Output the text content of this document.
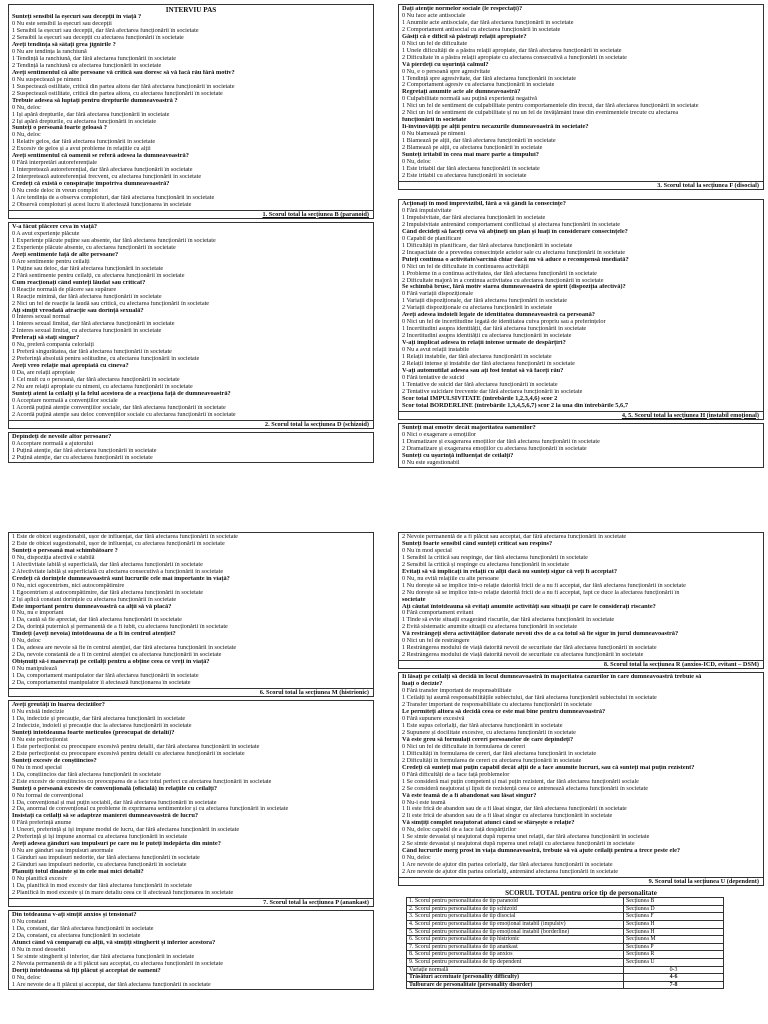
INTERVIU PAS
Sunteți sensibil la eșecuri sau decepții în viață ?
0 Nu este sensibil la eșecuri sau decepții
1 Sensibil la eșecuri sau decepții, dar fără afectarea funcționării în societate
2 Sensibil la eșecuri sau decepții cu afectarea funcționării în societate
Aveți tendința să sâtați grea jignirile ?
0 Nu are tendința la ranchiună
1 Tendință la ranchiună, dar fără afectarea funcționării în societate
2 Tendință la ranchiună cu afectarea funcționării în societate
Aveți sentimentul că alte persoane vă critică sau doresc să vă facă rău fără motiv?
0 Nu suspectează pe nimeni
1 Suspectează ostilitate, critică din partea altora dar fără afectarea funcționării în societate
2 Suspectează ostilitate, critică din partea altora, cu afectarea funcționării în societate
Trebuie adesea să luptați pentru drepturile dumneavoastră ?
0 Nu, deloc
1 Își apără drepturile, dar fără afectarea funcționării în societate
2 Își apără drepturile, cu afectarea funcționării în societate
Sunteți o persoană foarte geloasă ?
0 Nu, deloc
1 Relativ gelos, dar fără afectarea funcționării în societate
2 Excesiv de gelos și a avut probleme în relațiile cu alții
Aveți sentimentul că oamenii se referă adesea la dumneavoastră?
0 Fără interpretări autoreferențiale
1 Interpretează autoreferențial, dar fără afectarea funcționării în societate
2 Interpretează autoreferențial frecvent, cu afectarea funcționării în societate
Credeți că există o conspirație împotriva dumneavoastră?
0 Nu crede deloc în vreun complot
1 Are tendința de a observa comploturi, dar fără afectarea funcționării în societate
2 Observă comploturi și acest lucru îi afectează funcționarea în societate
1. Scorul total la secțiunea B (paranoid)
V-a făcut plăcere ceva în viață?
0 A avut experiențe plăcute
1 Experiențe plăcute puține sau absente, dar fără afectarea funcționării în societate
2 Experiențe plăcute absente, cu afectarea funcționării în societate
Aveți sentimente față de alte persoane?
0 Are sentimente pentru ceilalți
1 Puține sau deloc, dar fără afectarea funcționării în societate
2 Fără sentimente pentru ceilalți, cu afectarea funcționării în societate
Cum reacționați când sunteți lăudat sau criticat?
0 Reacție normală de plăcere sau supărare
1 Reacție minimă, dar fără afectarea funcționării în societate
2 Nici un fel de reacție la laudă sau critică, cu afectarea funcționării în societate
Ați simțit vreodată atracție sau dorință sexuală?
0 Interes sexual normal
1 Interes sexual limitat, dar fără afectarea funcționării în societate
2 Interes sexual limitat, cu afectarea funcționării în societate
Preferați să stați singur?
0 Nu, preferă compania celorlalți
1 Preferă singurătatea, dar fără afectarea funcționării în societate
2 Preferință absolută pentru solitudine, cu afectarea funcționării în societate
Aveți vreo relație mai apropiată cu cineva?
0 Da, are relații apropiate
1 Cel mult cu o persoană, dar fără afectarea funcționării în societate
2 Nu are relații apropiate cu nimeni, cu afectarea funcționării în societate
Sunteți atent la ceilalți și la felul acestora de a reacționa față de dumneavoastră?
0 Acceptare normală a convențiilor sociale
1 Acordă puțină atenție convențiilor sociale, dar fără afectarea funcționării în societate
2 Acordă puțină atenție sau deloc convențiilor sociale cu afectarea funcționării în societate
2. Scorul total la secțiunea D (schizoid)
Depindeți de nevoile altor persoane?
0 Acceptare normală a ajutorului
1 Puțină atenție, dar fără afectarea funcționării în societate
2 Puțină atenție, dar cu afectarea funcționării în societate
Dați atenție normelor sociale (le respectați)?
0 Nu face acte antisociale
1 Anumite acte antisociale, dar fără afectarea funcționării în societate
2 Comportament antisocial cu afectarea funcționării în societate
Găsiți că e dificil să păstrați relații apropiate?
0 Nici un fel de dificultate
1 Unele dificultăți de a păstra relații apropiate, dar fără afectarea funcționării în societate
2 Dificultate în a păstra relații apropiate cu afectarea consecutivă a funcționării în societate
Vă pierdeți cu ușurință calmul?
0 Nu, e o persoană spre agresivitate
1 Tendință spre agresivitate, dar fără afectarea funcționării în societate
2 Comportament agresiv cu afectarea funcționării în societate
Regretați anumite acte ale dumneavoastră?
0 Culpabilitate normală sau puțină experiență negativă
1 Nici un fel de sentiment de culpabilitate pentru comportamentele din trecut, dar fără afectarea funcționării în societate
2 Nici un fel de sentiment de culpabilitate și nu un fel de învățământ trase din evenimentele trecute cu afectarea
funcționării în societate
Îi-învinovățiți pe alții pentru necazurile dumneavoastră în societate?
0 Nu blamează pe nimeni
1 Blamează pe alții, dar fără afectarea funcționării în societate
2 Blamează pe alții, cu afectarea funcționării în societate
Sunteți iritabil în ceea mai mare parte a timpului?
0 Nu, deloc
1 Este iritabil dar fără afectarea funcționării în societate
2 Este iritabil cu afectarea funcționării în societate
3. Scorul total la secțiunea F (disocial)
Acționați în mod imprevizibil, fără a vă gândi la consecințe?
0 Fără impulsivitate
1 Impulsivitate, dar fără afectarea funcționării în societate
2 Impulsivitate antrenând comportament conflictual și afectarea funcționării în societate
Când decideți să faceți ceva vă abțineți un plan și luați în considerare consecințele?
0 Capabil de planificare
1 Dificultăți în planificare, dar fără afectarea funcționării în societate
2 Incapacitate de a prevedea consecințele actelor sale cu afectarea funcționării în societate
Puteți continua o activitate/sarcină chiar dacă nu vă aduce o recompensă imediată?
0 Nici un fel de dificultate în continuarea activității
1 Probleme în a continua activitatea, dar fără afectarea funcționării în societate
2 Dificultate majoră în a continua activitatea cu afectarea funcționării în societate
Se schimbă brusc, fără motiv starea dumneavoastră de spirit (dispoziția afectivă)?
0 Fără variații dispoziționale
1 Variații dispoziționale, dar fără afectarea funcționării în societate
2 Variații dispoziționale cu afectarea funcționării în societate
Aveți adesea îndoieli legate de identitatea dumneavoastră ca persoană?
0 Nici un fel de incertitudine legată de identitatea cuiva propriu sau a preferințelor
1 Incertitudini asupra identității, dar fără afectarea funcționării în societate
2 Incertitudini asupra identității cu afectarea funcționării în societate
V-ați implicat adesea în relații intense urmate de despărțiri?
0 Nu a avut relații instabile
1 Relații instabile, dar fără afectarea funcționării în societate
2 Relații intense și instabile dar fără afectarea funcționării în societate
V-ați automutilat adesea sau ați fost tentat să vă faceți rău?
0 Fără tentative de suicid
1 Tentative de suicid dar fără afectarea funcționării în societate
2 Tentative suicidare frecvente dar fără afectarea funcționării în societate
Scor total IMPULSIVITATE (întrebările 1,2,3,4,6) scor 2
Scor total BORDERLINE (întrebările 1,3,4,5,6,7) scor 2 la una din întrebările 5,6,7
4, 5. Scorul total la secțiunea H (instabil emoțional)
Sunteți mai emotiv decât majoritatea oamenilor?
0 Nici o exagerare a emoțiilor
1 Dramatizare și exagerarea emoțiilor dar fără afectarea funcționării în societate
2 Dramatizare și exagerarea emoțiilor cu afectarea funcționării în societate
Sunteți cu ușurință influențat de ceilalți?
0 Nu este sugestionabil
1 Este de obicei sugestionabil, ușor de influențat, dar fără afectarea funcționării în societate
2 Este de obicei sugestionabil, ușor de influențat, cu afectarea funcționării în societate
Sunteți o persoană mai schimbătoare ?
0 Nu, dispoziția afectivă e stabilă
1 Afectivitate labilă și superficială, dar fără afectarea funcționării în societate
2 Afectivitate labilă și superficială cu afectarea consecutivă a funcționării în societate
Credeți că dorințele dumneavoastră sunt lucrurile cele mai importante în viață?
0 Nu, nici egocentrism, nici autocompătimire
1 Egocentrism și autocompătimire, dar fără afectarea funcționării în societate
2 Își aplică constant dorințele cu afectarea funcționării în societate
Este important pentru dumneavoastră ca alții să vă placă?
0 Nu, nu e important
1 Da, caută să fie apreciat, dar fără afectarea funcționării în societate
2 Da, dorință puternică și permanentă de a fi iubit, cu afectarea funcționării în societate
Tindeți (aveți nevoia) întotdeauna de a fi în centrul atenției?
0 Nu, deloc
1 Da, adesea are nevoie să fie în centrul atenției, dar fără afectarea funcționării în societate
2 Da, nevoie constantă de a fi în centrul atenției cu afectarea funcționării în societate
Obișnuiți să-i manevrați pe ceilalți pentru a obține ceea ce vreți în viață?
0 Nu manipulează
1 Da, comportament manipulator dar fără afectarea funcționării în societate
2 Da, comportamentul manipulator îi afectează funcționarea în societate
6. Scorul total la secțiunea M (histrionic)
Aveți greutăți în luarea deciziilor?
0 Nu există indecizie
1 Da, indecizie și precauție, dar fără afectarea funcționării în societate
2 Indecizie, îndoieli și precauție duc la afectarea funcționării în societate
Sunteți întotdeauna foarte meticulos (preocupat de detalii)?
0 Nu este perfecționist
1 Este perfecționist cu preocupare excesivă pentru detalii, dar fără afectarea funcționării în societate
2 Este perfecționist cu preocupare excesivă pentru detalii cu afectarea funcționării în societate
Sunteți excesiv de conștiincios?
0 Nu în mod special
1 Da, conștiincios dar fără afectarea funcționării în societate
2 Este excesiv de conștiincios cu preocuparea de a face totul perfect cu afectarea funcționării în societate
Sunteți o persoană excesiv de convențională (oficială) în relațiile cu ceilalți?
0 Nu formal de convențional
1 Da, convențional și mai puțin sociabil, dar fără afectarea funcționării în societate
2 Da, anormal de convențional cu probleme în exprimarea sentimentelor și cu afectarea funcționării în societate
Insistați ca ceilalți să se adapteze manierei dumneavoastră de lucru?
0 Fără preferință anume
1 Uneori, preferință și își impune modul de lucru, dar fără afectarea funcționării în societate
2 Preferință și își impune anormal cu afectarea funcționării în societate
Aveți adesea gânduri sau impulsuri pe care nu le puteți îndepărta din minte?
0 Nu are gânduri sau impulsuri anormale
1 Gânduri sau impulsuri nedorite, dar fără afectarea funcționării în societate
2 Gânduri sau impulsuri nedorite, cu afectarea funcționării în societate
Planuiți totul dinainte și în cele mai mici detalii?
0 Nu planifică excesiv
1 Da, planifică în mod excesiv dar fără afectarea funcționării în societate
2 Planifică în mod excesiv și în mare detaliu ceea ce îi afectează funcționarea în societate
7. Scorul total la secțiunea P (anankast)
Din totdeauna v-ați simțit anxios și tensionat?
0 Nu constant
1 Da, constant, dar fără afectarea funcționării în societate
2 Da, constant, cu afectarea funcționării în societate
Atunci când vă comparați cu alții, vă simțiți stingherit și inferior acestora?
0 Nu în mod deosebit
1 Se simte stingherit și inferior, dar fără afectarea funcționării în societate
2 Nevoia permanentă de a fi plăcut sau acceptat, cu afectarea funcționării în societate
Doriți întotdeauna să fiți plăcut și acceptat de oameni?
0 Nu, deloc
1 Are nevoie de a fi plăcut și acceptat, dar fără afectarea funcționării în societate
2 Nevoie permanentă de a fi plăcut sau acceptat, dar fără afectarea funcționării în societate
Sunteți foarte sensibil când sunteți criticat sau respins?
0 Nu în mod special
1 Sensibil la critică sau respinge, dar fără afectarea funcționării în societate
2 Sensibil la critică și respinge cu afectarea funcționării în societate
Evitați să vă implicați în relații cu alții dacă nu sunteți sigur că veți fi acceptat?
0 Nu, nu evită relațiile cu alte persoane
1 Nu dorește să se implice într-o relație datorită fricii de a nu fi acceptat, dar fără afectarea funcționării în societate
2 Nu dorește să se implice într-o relație datorită fricii de a nu fi acceptat, fapt ce duce la afectarea funcționării în
societate
Ați căutat întotdeauna să evitați anumite activități sau situații pe care le considerați riscante?
0 Fără comportament evitant
1 Tinde să evite situații exagerând riscurile, dar fără afectarea funcționării în societate
2 Evită sistematic anumite situații cu afectarea funcționării în societate
Vă restrângeți sfera activităților datorate nevoii dvs de a ca totul să fie sigur în jurul dumneavoastră?
0 Nici un fel de restrângere
1 Restrângerea modului de viață datorită nevoii de securitate dar fără afectarea funcționării în societate
2 Restrângerea modului de viață datorită nevoii de securitate cu afectarea funcționării în societate
8. Scorul total la secțiunea R (anxios-ICD, evitant – DSM)
Îi lăsați pe ceilalți să decidă în locul dumneavoastră în majoritatea cazurilor în care dumneavoastră trebuie să
luați o decizie?
0 Fără transfer important de responsabilitate
1 Ceilalți își asumă responsabilitățile subiectului, dar fără afectarea funcționării subiectului în societate
2 Transfer important de responsabilitate cu afectarea funcționării în societate
Le permiteți altora să decidă ceea ce este mai bine pentru dumneavoastră?
0 Fără supunere excesivă
1 Este supus celorlalți, dar fără afectarea funcționării în societate
2 Supunere și docilitate excesive, cu afectarea funcționării în societate
Vă este greu să formulați cereri persoanelor de care depindeți?
0 Nici un fel de dificultate în formularea de cereri
1 Dificultăți în formularea de cereri, dar fără afectarea funcționării în societate
2 Dificultăți în formularea de cereri cu afectarea funcționării în societate
Credeți că sunteți mai puțin capabil decât alții de a face anumite lucruri, sau că sunteți mai puțin rezistent?
0 Fără dificultăți de a face față problemelor
1 Se consideră mai puțin competent și mai puțin rezistent, dar fără afectarea funcționării sociale
2 Se consideră neajutorat și lipsit de rezistență ceea ce antrenează afectarea funcționării în societate
Vă este teamă de a fi abandonat sau lăsat singur?
0 Nu-i este teamă
1 Îi este frică de abandon sau de a fi lăsat singur, dar fără afectarea funcționării în societate
2 Îi este frică de abandon sau de a fi lăsat singur cu afectarea funcționării în societate
Vă simțiți complet neajutorat atunci când se sfârșește o relație?
0 Nu, deloc capabil de a face față despărțirilor
1 Se simte devastat și neajutorat după ruperea unei relații, dar fără afectarea funcționării în societate
2 Se simte devastat și neajutorat după ruperea unei relații cu afectarea funcționării în societate
Când lucrurile merg prost în viața dumneavoastră, trebuie să vă ajute ceilalți pentru a trece peste ele?
0 Nu, deloc
1 Are nevoie de ajutor din partea celorlalți, dar fără afectarea funcționării în societate
2 Are nevoie de ajutor din partea celorlalți, antrenând afectarea funcționării în societate
9. Scorul total la secțiunea U (dependent)
SCORUL TOTAL pentru orice tip de personalitate
1. Scorul pentru personalitatea de tip paranoid	Secțiunea B
2. Scorul pentru personalitatea de tip schizoid	Secțiunea D
3. Scorul pentru personalitatea de tip disocial	Secțiunea F
4. Scorul pentru personalitatea de tip emoțional instabil (impulsiv)	Secțiunea H
5. Scorul pentru personalitatea de tip emoțional instabil (borderline)	Secțiunea H
6. Scorul pentru personalitatea de tip histrionic	Secțiunea M
7. Scorul pentru personalitatea de tip anankast	Secțiunea P
8. Scorul pentru personalitatea de tip anxios	Secțiunea R
9. Scorul pentru personalitatea de tip dependent	Secțiunea U
Variație normală	0-3
Trăsături accentuate (personality difficulty)	4-6
Tulburare de personalitate (personality disorder)	7-8
